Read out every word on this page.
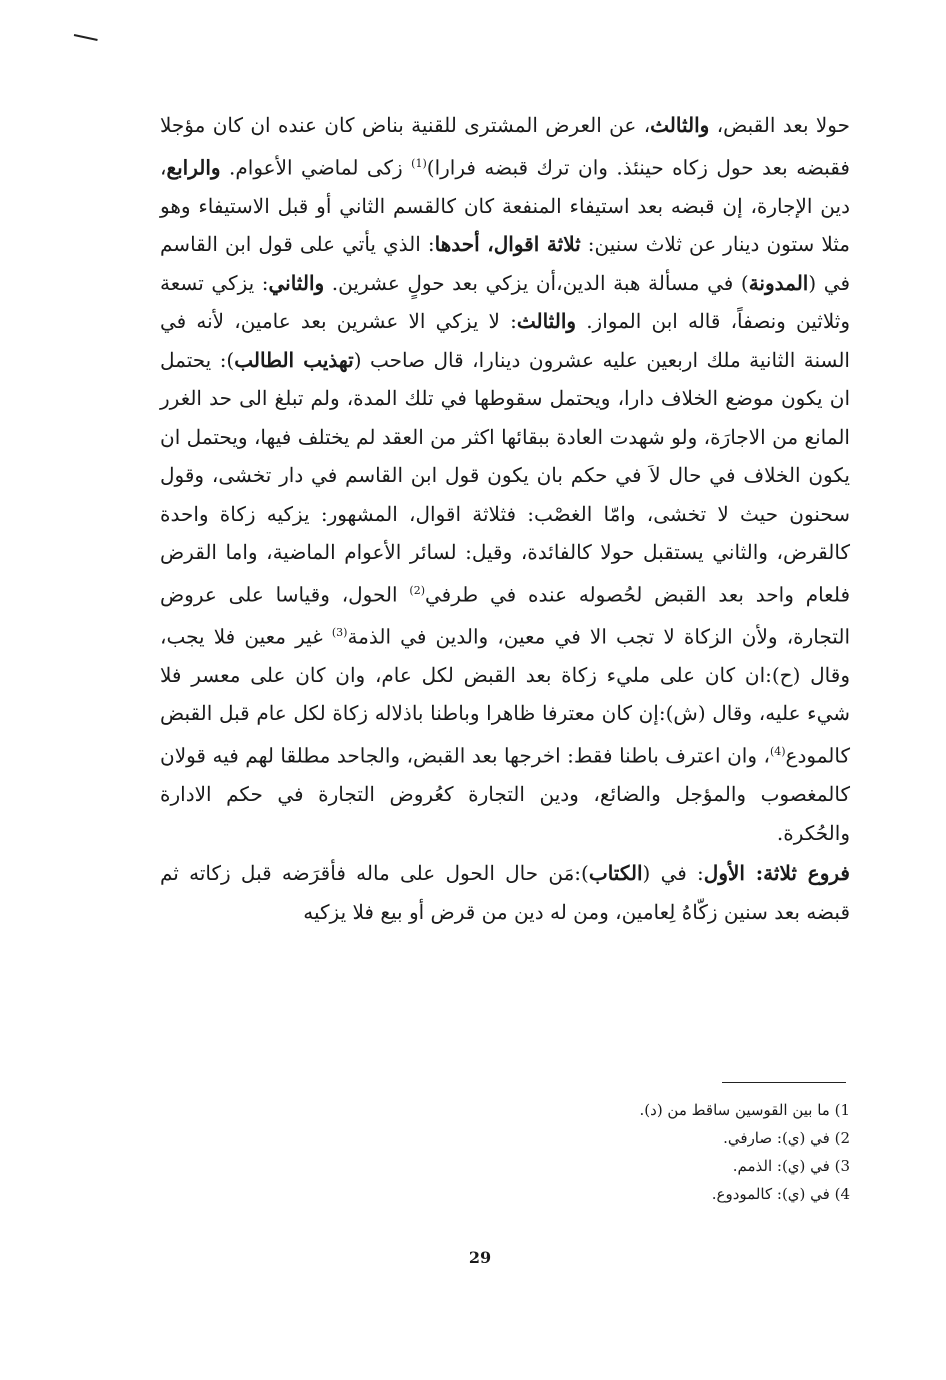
حولا بعد القبض، والثالث، عن العرض المشترى للقنية بناض كان عنده ان كان مؤجلا فقبضه بعد حول زكاه حينئذ. وان ترك قبضه فرارا)$^{(1)}$ زكى لماضي الأعوام. والرابع، دين الإجارة، إن قبضه بعد استيفاء المنفعة كان كالقسم الثاني أو قبل الاستيفاء وهو مثلا ستون دينار عن ثلاث سنين: ثلاثة اقوال، أحدها: الذي يأتي على قول ابن القاسم في (المدونة) في مسألة هبة الدين،أن يزكي بعد حولٍ عشرين. والثاني: يزكي تسعة وثلاثين ونصفاً، قاله ابن المواز. والثالث: لا يزكي الا عشرين بعد عامين، لأنه في السنة الثانية ملك اربعين عليه عشرون دينارا، قال صاحب (تهذيب الطالب): يحتمل ان يكون موضع الخلاف دارا، ويحتمل سقوطها في تلك المدة، ولم تبلغ الى حد الغرر المانع من الاجارَة، ولو شهدت العادة ببقائها اكثر من العقد لم يختلف فيها، ويحتمل ان يكون الخلاف في حال لاَ في حكم بان يكون قول ابن القاسم في دار تخشى، وقول سحنون حيث لا تخشى، وامّا الغصْب: فثلاثة اقوال، المشهور: يزكيه زكاة واحدة كالقرض، والثاني يستقبل حولا كالفائدة، وقيل: لسائر الأعوام الماضية، واما القرض فلعام واحد بعد القبض لحُصوله عنده في طرفي$^{(2)}$ الحول، وقياسا على عروض التجارة، ولأن الزكاة لا تجب الا في معين، والدين في الذمة$^{(3)}$ غير معين فلا يجب، وقال (ح):ان كان على مليء زكاة بعد القبض لكل عام، وان كان على معسر فلا شيء عليه، وقال (ش):إن كان معترفا ظاهرا وباطنا باذلاله زكاة لكل عام قبل القبض كالمودع$^{(4)}$، وان اعترف باطنا فقط: اخرجها بعد القبض، والجاحد مطلقا لهم فيه قولان كالمغصوب والمؤجل والضائع، ودين التجارة كعُروض التجارة في حكم الادارة والحُكرة.

فروع ثلاثة: الأول: في (الكتاب):مَن حال الحول على ماله فأقرَضه قبل زكاته ثم قبضه بعد سنين زكّاهُ لِعامين، ومن له دين من قرض أو بيع فلا يزكيه

1) ما بين القوسين ساقط من (د).
2) في (ي): صارفي.
3) في (ي): الذمم.
4) في (ي): كالمودوع.
29
